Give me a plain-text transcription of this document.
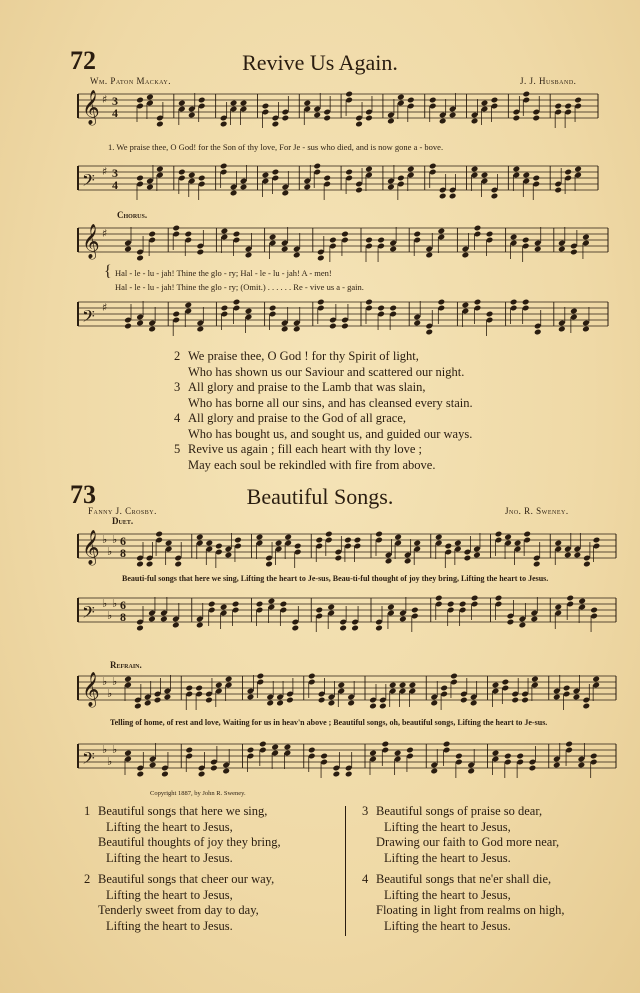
72	Revive Us Again.
Wm. Paton Mackay.	J. J. Husband.
𝄞 ♯ 3
4
1. We praise thee, O God! for the Son of thy love, For Je - sus who died, and is now gone a - bove.
𝄢 ♯ 3
4
Chorus.
𝄞 ♯
{ Hal - le - lu - jah! Thine the glo - ry; Hal - le - lu - jah! A - men!
Hal - le - lu - jah! Thine the glo - ry; (Omit.) . . . . . . Re - vive us a - gain.
𝄢 ♯
2 We praise thee, O God ! for thy Spirit of light,
Who has shown us our Saviour and scattered our night.
3 All glory and praise to the Lamb that was slain,
Who has borne all our sins, and has cleansed every stain.
4 All glory and praise to the God of all grace,
Who has bought us, and sought us, and guided our ways.
5 Revive us again ; fill each heart with thy love ;
May each soul be rekindled with fire from above.
73	Beautiful Songs.
Fanny J. Crosby.	Jno. R. Sweney.
Duet.
𝄞 ♭
♭
♭ 6
8
Beauti-ful songs that here we sing, Lifting the heart to Je-sus, Beau-ti-ful thought of joy they bring, Lifting the heart to Jesus.
𝄢 ♭
♭
♭ 6
8
Refrain.
𝄞 ♭
♭
♭
Telling of home, of rest and love, Waiting for us in heav'n above ; Beautiful songs, oh, beautiful songs, Lifting the heart to Je-sus.
𝄢 ♭
♭
♭
Copyright 1887, by John R. Sweney.
1 Beautiful songs that here we sing,
Lifting the heart to Jesus,
Beautiful thoughts of joy they bring,
Lifting the heart to Jesus.
2 Beautiful songs that cheer our way,
Lifting the heart to Jesus,
Tenderly sweet from day to day,
Lifting the heart to Jesus.
3 Beautiful songs of praise so dear,
Lifting the heart to Jesus,
Drawing our faith to God more near,
Lifting the heart to Jesus.
4 Beautiful songs that ne'er shall die,
Lifting the heart to Jesus,
Floating in light from realms on high,
Lifting the heart to Jesus.
